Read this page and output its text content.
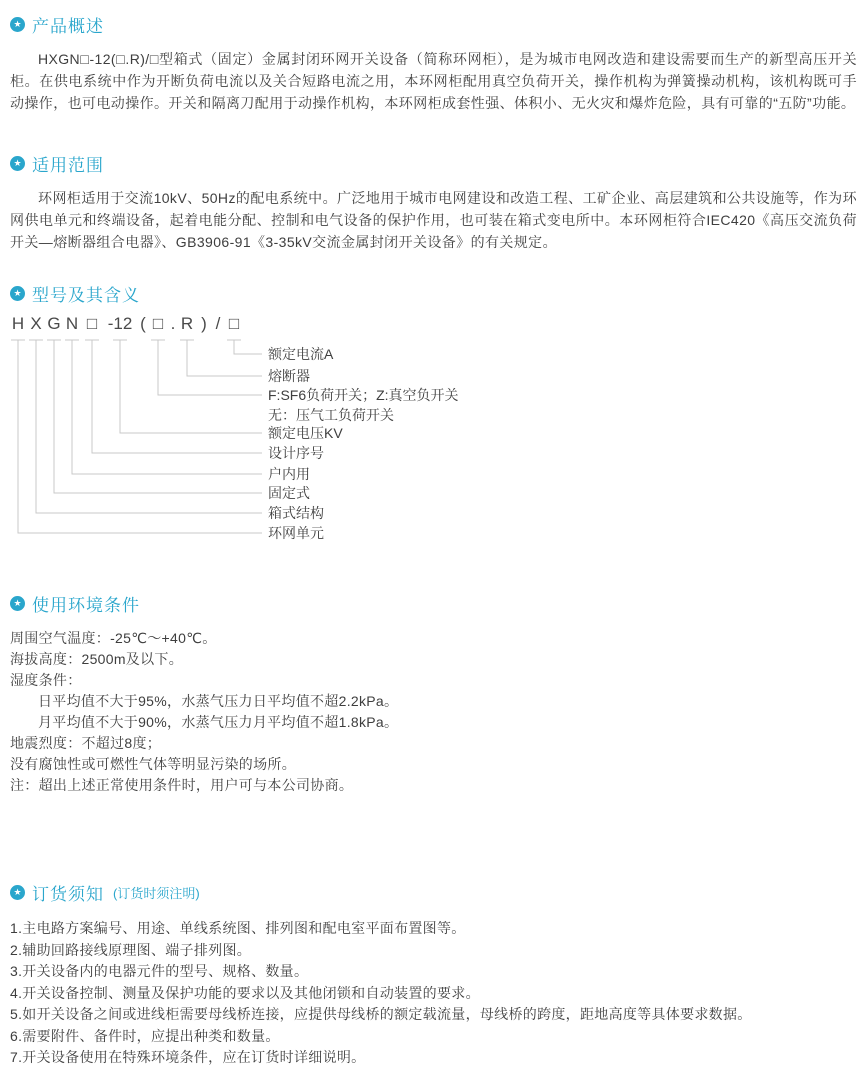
★ 产品概述

HXGN□-12(□.R)/□型箱式（固定）金属封闭环网开关设备（简称环网柜），是为城市电网改造和建设需要而生产的新型高压开关柜。在供电系统中作为开断负荷电流以及关合短路电流之用，本环网柜配用真空负荷开关，操作机构为弹簧操动机构，该机构既可手动操作，也可电动操作。开关和隔离刀配用于动操作机构，本环网柜成套性强、体积小、无火灾和爆炸危险，具有可靠的“五防”功能。

★ 适用范围

环网柜适用于交流10kV、50Hz的配电系统中。广泛地用于城市电网建设和改造工程、工矿企业、高层建筑和公共设施等，作为环网供电单元和终端设备，起着电能分配、控制和电气设备的保护作用，也可装在箱式变电所中。本环网柜符合IEC420《高压交流负荷开关—熔断器组合电器》、GB3906-91《3-35kV交流金属封闭开关设备》的有关规定。

★ 型号及其含义
H X G N □ -12 ( □ . R ) / □
额定电流A
熔断器
F:SF6负荷开关；Z:真空负开关
无：压气工负荷开关
额定电压KV
设计序号
户内用
固定式
箱式结构
环网单元
★ 使用环境条件
周围空气温度：-25℃～+40℃。
海拔高度：2500m及以下。
湿度条件：
日平均值不大于95%，水蒸气压力日平均值不超2.2kPa。
月平均值不大于90%，水蒸气压力月平均值不超1.8kPa。
地震烈度：不超过8度；
没有腐蚀性或可燃性气体等明显污染的场所。
注：超出上述正常使用条件时，用户可与本公司协商。
★ 订货须知 (订货时须注明)
1.主电路方案编号、用途、单线系统图、排列图和配电室平面布置图等。
2.辅助回路接线原理图、端子排列图。
3.开关设备内的电器元件的型号、规格、数量。
4.开关设备控制、测量及保护功能的要求以及其他闭锁和自动装置的要求。
5.如开关设备之间或进线柜需要母线桥连接，应提供母线桥的额定载流量，母线桥的跨度，距地高度等具体要求数据。
6.需要附件、备件时，应提出种类和数量。
7.开关设备使用在特殊环境条件，应在订货时详细说明。
